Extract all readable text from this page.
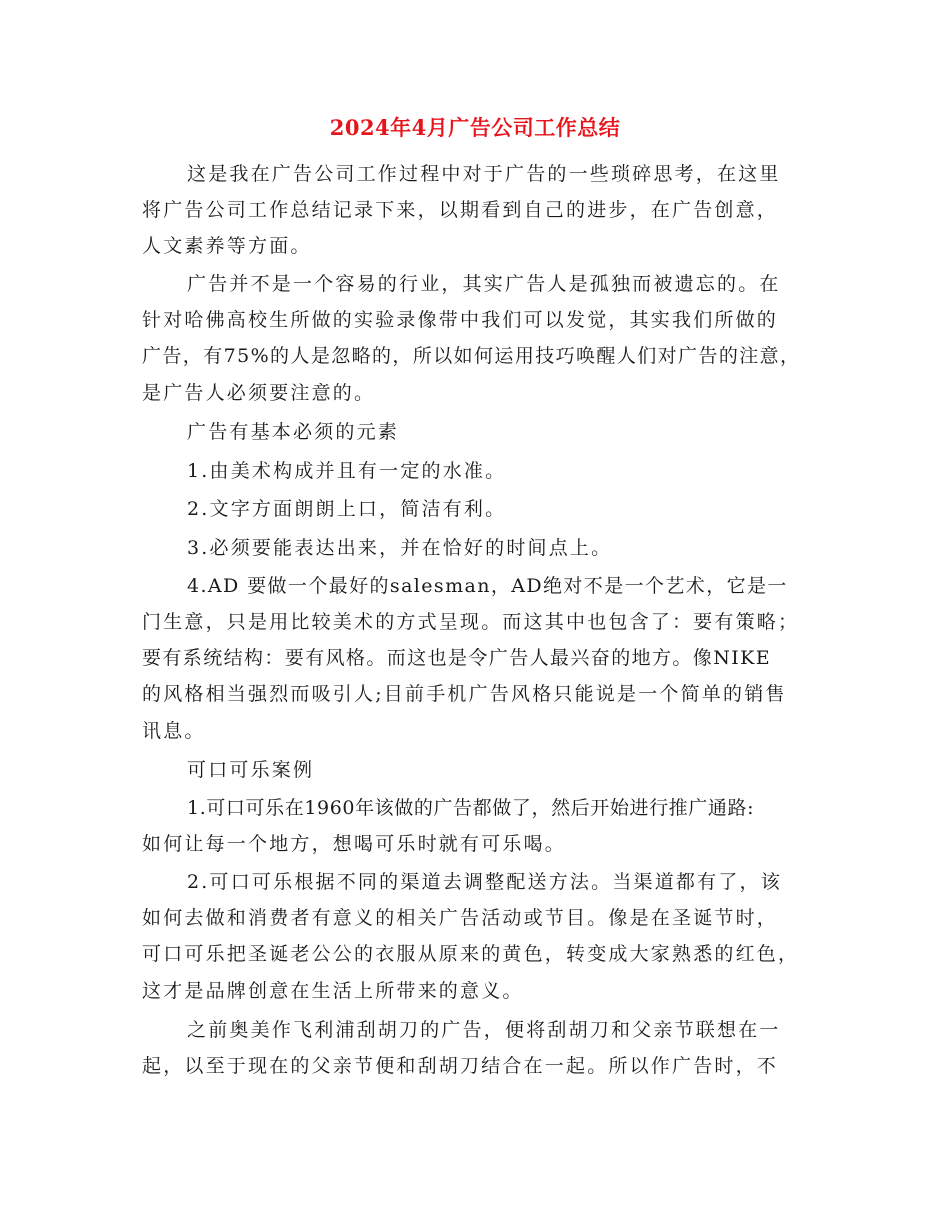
2024年4月广告公司工作总结
这是我在广告公司工作过程中对于广告的一些琐碎思考，在这里
将广告公司工作总结记录下来，以期看到自己的进步，在广告创意，
人文素养等方面。
广告并不是一个容易的行业，其实广告人是孤独而被遗忘的。在
针对哈佛高校生所做的实验录像带中我们可以发觉，其实我们所做的
广告，有75%的人是忽略的，所以如何运用技巧唤醒人们对广告的注意，
是广告人必须要注意的。
广告有基本必须的元素
1.由美术构成并且有一定的水准。
2.文字方面朗朗上口，简洁有利。
3.必须要能表达出来，并在恰好的时间点上。
4.AD 要做一个最好的salesman，AD绝对不是一个艺术，它是一
门生意，只是用比较美术的方式呈现。而这其中也包含了：要有策略；
要有系统结构：要有风格。而这也是令广告人最兴奋的地方。像NIKE
的风格相当强烈而吸引人;目前手机广告风格只能说是一个简单的销售
讯息。
可口可乐案例
1.可口可乐在1960年该做的广告都做了，然后开始进行推广通路:
如何让每一个地方，想喝可乐时就有可乐喝。
2.可口可乐根据不同的渠道去调整配送方法。当渠道都有了，该
如何去做和消费者有意义的相关广告活动或节目。像是在圣诞节时，
可口可乐把圣诞老公公的衣服从原来的黄色，转变成大家熟悉的红色，
这才是品牌创意在生活上所带来的意义。
之前奥美作飞利浦刮胡刀的广告，便将刮胡刀和父亲节联想在一
起，以至于现在的父亲节便和刮胡刀结合在一起。所以作广告时，不
